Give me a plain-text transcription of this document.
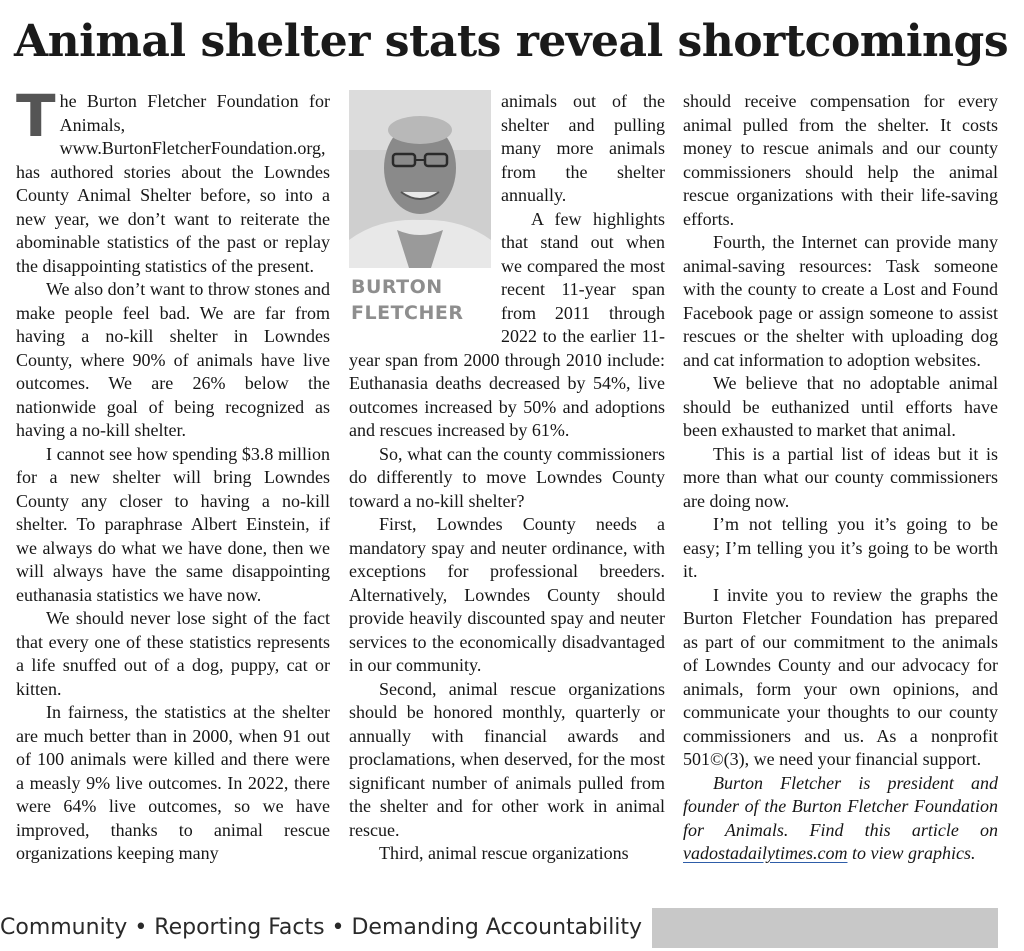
Animal shelter stats reveal shortcomings
T he Burton Fletcher Foundation for Animals, www.BurtonFletcherFoundation.org, has authored stories about the Lowndes County Animal Shelter before, so into a new year, we don’t want to reiterate the abominable statistics of the past or replay the disappointing statistics of the present.

We also don’t want to throw stones and make people feel bad. We are far from having a no-kill shelter in Lowndes County, where 90% of animals have live outcomes. We are 26% below the nationwide goal of being recognized as having a no-kill shelter.

I cannot see how spending $3.8 million for a new shelter will bring Lowndes County any closer to having a no-kill shelter. To paraphrase Albert Einstein, if we always do what we have done, then we will always have the same disappointing euthanasia statistics we have now.

We should never lose sight of the fact that every one of these statistics represents a life snuffed out of a dog, puppy, cat or kitten.

In fairness, the statistics at the shelter are much better than in 2000, when 91 out of 100 animals were killed and there were a measly 9% live outcomes. In 2022, there were 64% live outcomes, so we have improved, thanks to animal rescue organizations keeping many

BURTON
FLETCHER

animals out of the shelter and pulling many more animals from the shelter annually.

A few highlights that stand out when we compared the most recent 11-year span from 2011 through 2022 to the earlier 11-year span from 2000 through 2010 include: Euthanasia deaths decreased by 54%, live outcomes increased by 50% and adoptions and rescues increased by 61%.

So, what can the county commissioners do differently to move Lowndes County toward a no-kill shelter?

First, Lowndes County needs a mandatory spay and neuter ordinance, with exceptions for professional breeders. Alternatively, Lowndes County should provide heavily discounted spay and neuter services to the economically disadvantaged in our community.

Second, animal rescue organizations should be honored monthly, quarterly or annually with financial awards and proclamations, when deserved, for the most significant number of animals pulled from the shelter and for other work in animal rescue.

Third, animal rescue organizations

should receive compensation for every animal pulled from the shelter. It costs money to rescue animals and our county commissioners should help the animal rescue organizations with their life-saving efforts.

Fourth, the Internet can provide many animal-saving resources: Task someone with the county to create a Lost and Found Facebook page or assign someone to assist rescues or the shelter with uploading dog and cat information to adoption websites.

We believe that no adoptable animal should be euthanized until efforts have been exhausted to market that animal.

This is a partial list of ideas but it is more than what our county commissioners are doing now.

I’m not telling you it’s going to be easy; I’m telling you it’s going to be worth it.

I invite you to review the graphs the Burton Fletcher Foundation has prepared as part of our commitment to the animals of Lowndes County and our advocacy for animals, form your own opinions, and communicate your thoughts to our county commissioners and us. As a nonprofit 501©(3), we need your financial support.

Burton Fletcher is president and founder of the Burton Fletcher Foundation for Animals. Find this article on vadostadailytimes.com to view graphics.

Community • Reporting Facts • Demanding Accountability
